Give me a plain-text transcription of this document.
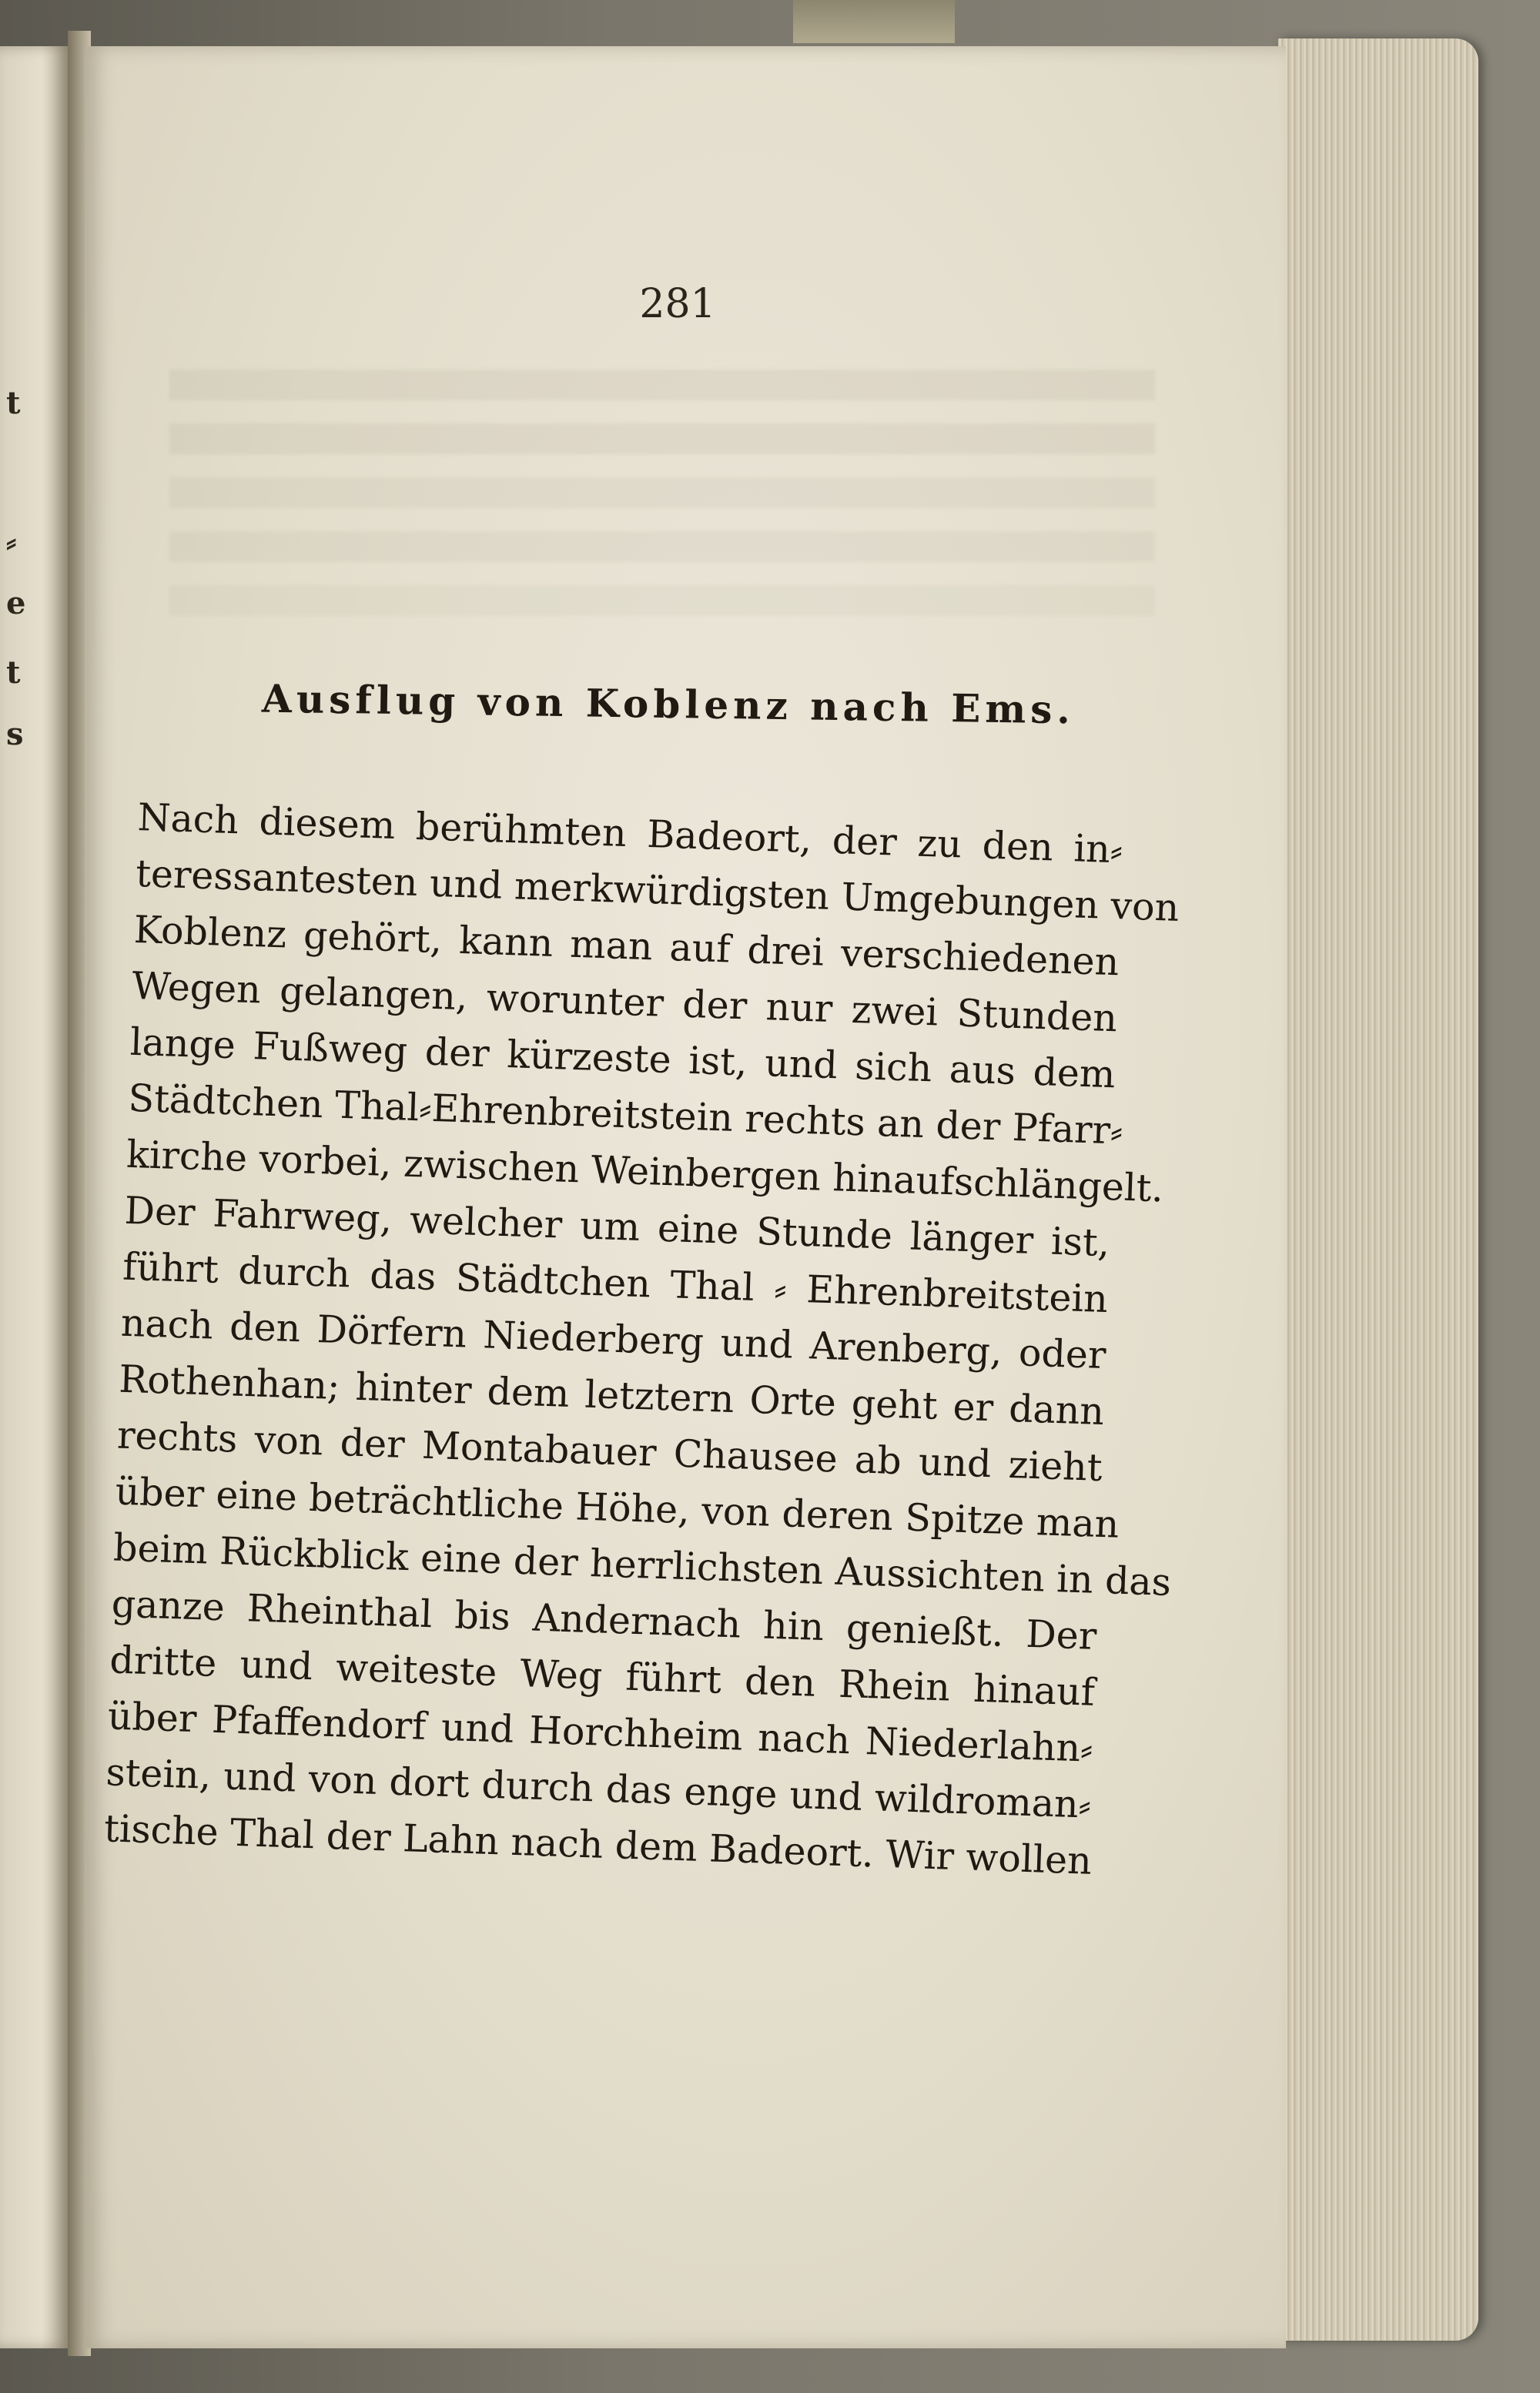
t
⸗
e
t
s
281
Ausflug von Koblenz nach Ems.
Nach diesem berühmten Badeort, der zu den in⸗
teressantesten und merkwürdigsten Umgebungen von
Koblenz gehört, kann man auf drei verschiedenen
Wegen gelangen, worunter der nur zwei Stunden
lange Fußweg der kürzeste ist, und sich aus dem
Städtchen Thal⸗Ehrenbreitstein rechts an der Pfarr⸗
kirche vorbei, zwischen Weinbergen hinaufschlängelt.
Der Fahrweg, welcher um eine Stunde länger ist,
führt durch das Städtchen Thal ⸗ Ehrenbreitstein
nach den Dörfern Niederberg und Arenberg, oder
Rothenhan; hinter dem letztern Orte geht er dann
rechts von der Montabauer Chausee ab und zieht
über eine beträchtliche Höhe, von deren Spitze man
beim Rückblick eine der herrlichsten Aussichten in das
ganze Rheinthal bis Andernach hin genießt. Der
dritte und weiteste Weg führt den Rhein hinauf
über Pfaffendorf und Horchheim nach Niederlahn⸗
stein, und von dort durch das enge und wildroman⸗
tische Thal der Lahn nach dem Badeort. Wir wollen
